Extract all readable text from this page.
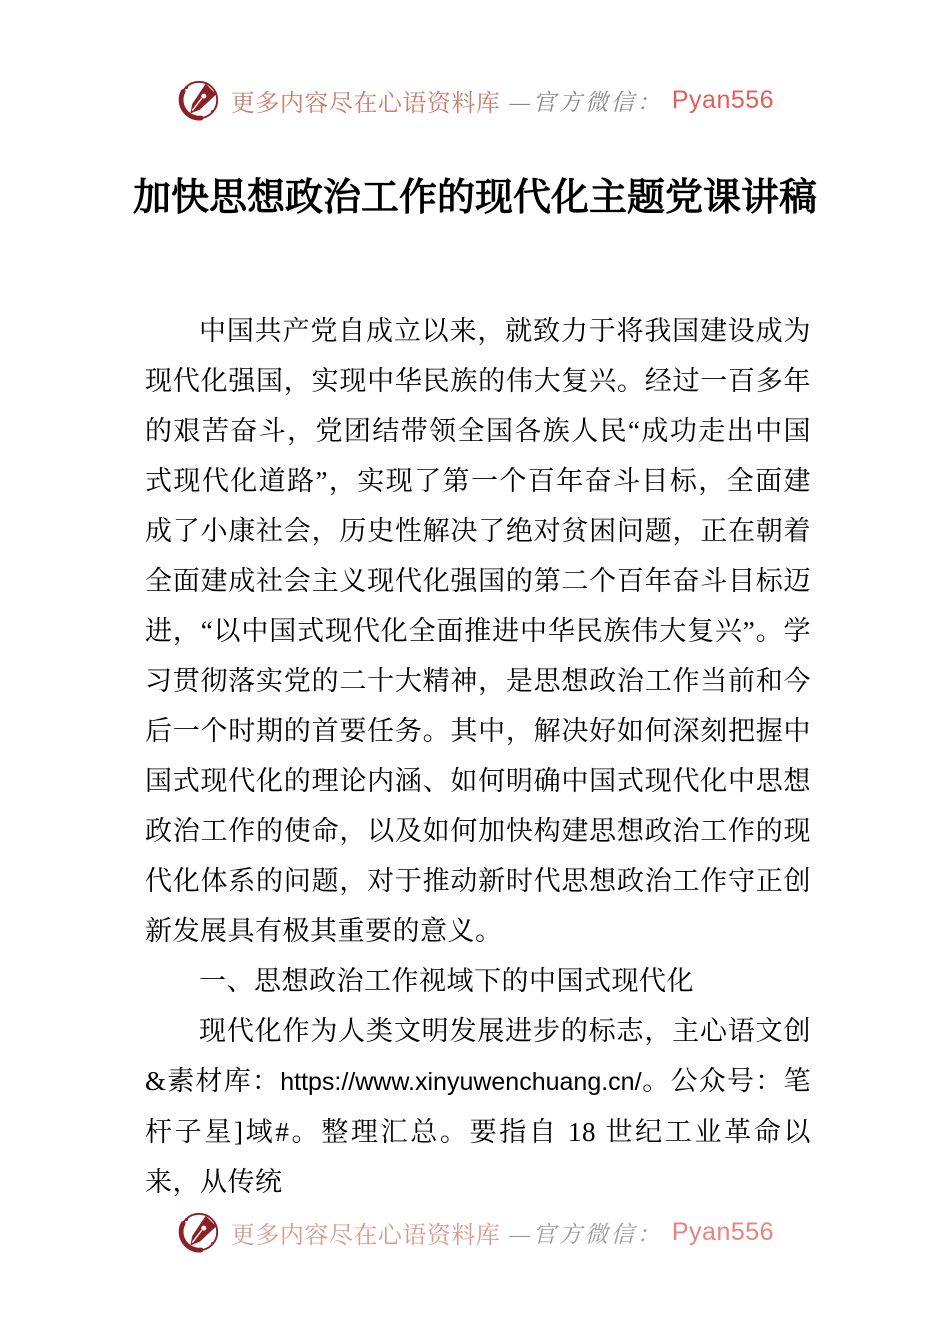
更多内容尽在心语资料库 —官方微信： Pyan556
加快思想政治工作的现代化主题党课讲稿

中国共产党自成立以来，就致力于将我国建设成为现代化强国，实现中华民族的伟大复兴。经过一百多年的艰苦奋斗，党团结带领全国各族人民“成功走出中国式现代化道路”，实现了第一个百年奋斗目标，全面建成了小康社会，历史性解决了绝对贫困问题，正在朝着全面建成社会主义现代化强国的第二个百年奋斗目标迈进，“以中国式现代化全面推进中华民族伟大复兴”。学习贯彻落实党的二十大精神，是思想政治工作当前和今后一个时期的首要任务。其中，解决好如何深刻把握中国式现代化的理论内涵、如何明确中国式现代化中思想政治工作的使命，以及如何加快构建思想政治工作的现代化体系的问题，对于推动新时代思想政治工作守正创新发展具有极其重要的意义。

一、思想政治工作视域下的中国式现代化

现代化作为人类文明发展进步的标志，主心语文创&素材库：https://www.xinyuwenchuang.cn/。公众号：笔杆子星]域#。整理汇总。要指自 18 世纪工业革命以来，从传统

更多内容尽在心语资料库 —官方微信： Pyan556
